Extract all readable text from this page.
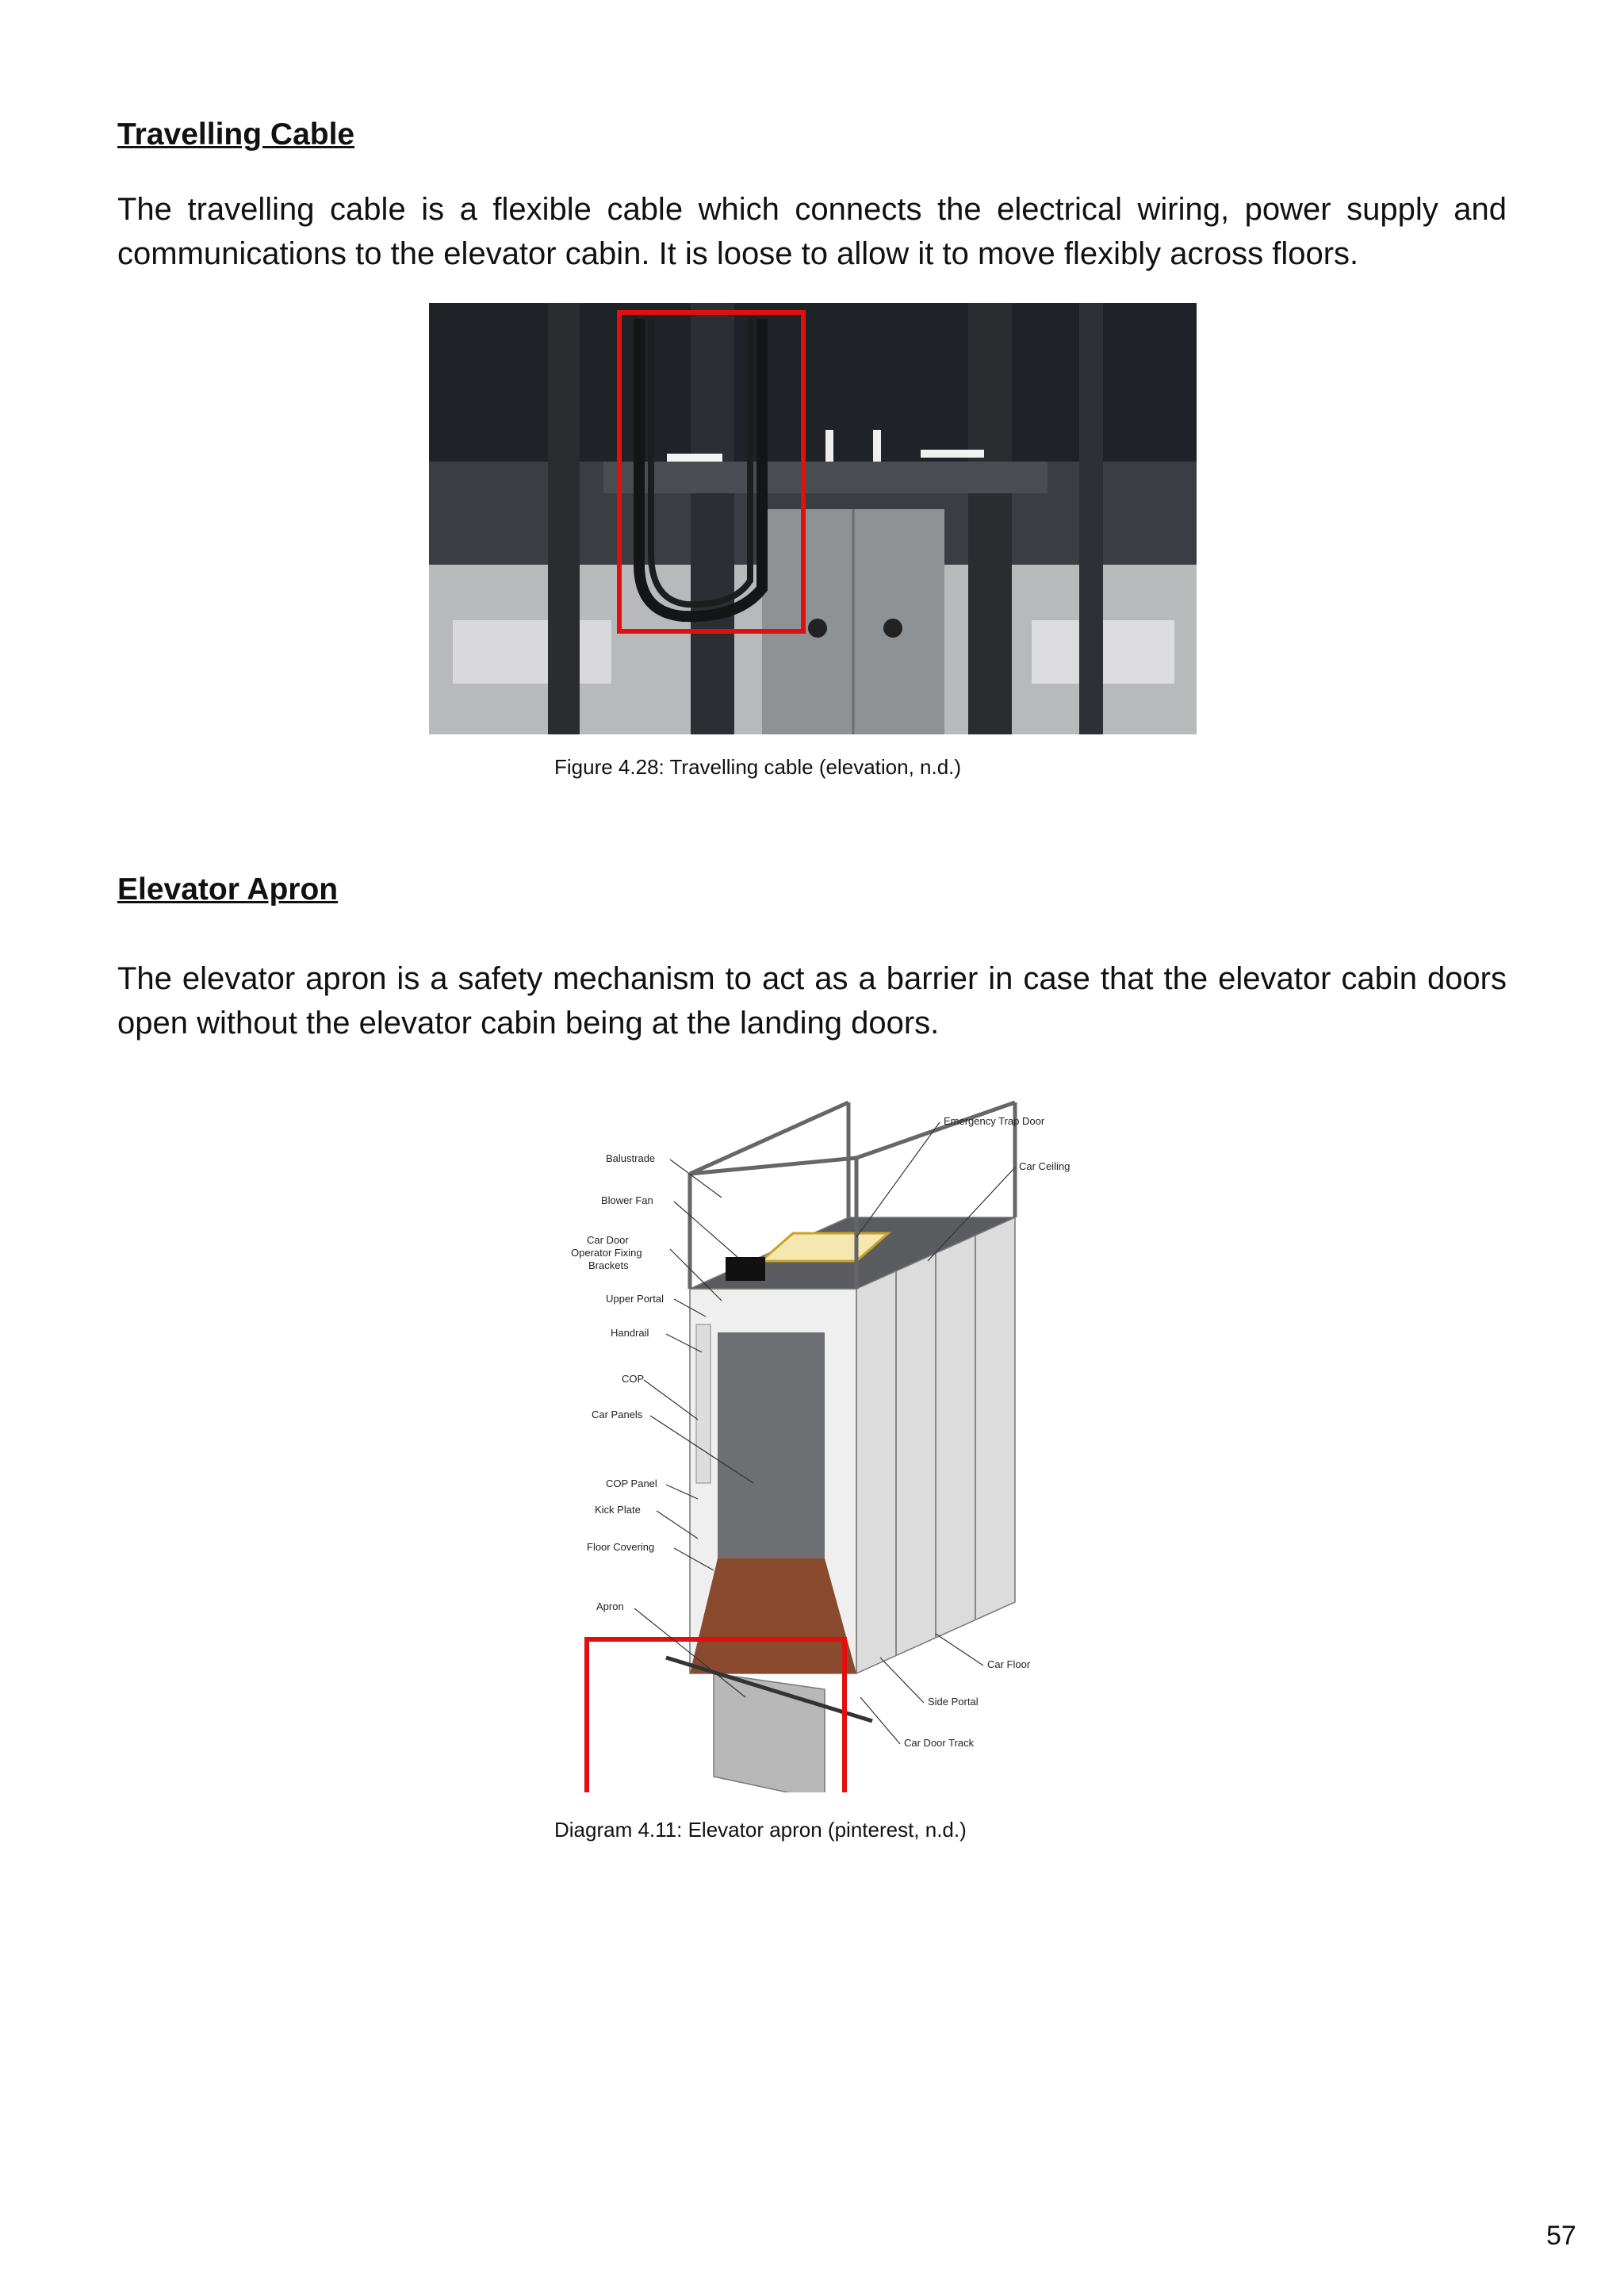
Travelling Cable

The travelling cable is a flexible cable which connects the electrical wiring, power supply and communications to the elevator cabin. It is loose to allow it to move flexibly across floors.

Figure 4.28: Travelling cable (elevation, n.d.)

Elevator Apron

The elevator apron is a safety mechanism to act as a barrier in case that the elevator cabin doors open without the elevator cabin being at the landing doors.

Emergency Trap Door
Car Ceiling
Balustrade
Blower Fan
Car Door
Operator Fixing
Brackets
Upper Portal
Handrail
COP
Car Panels
COP Panel
Kick Plate
Floor Covering
Apron
Car Floor
Side Portal
Car Door Track

Diagram 4.11: Elevator apron (pinterest, n.d.)

57
